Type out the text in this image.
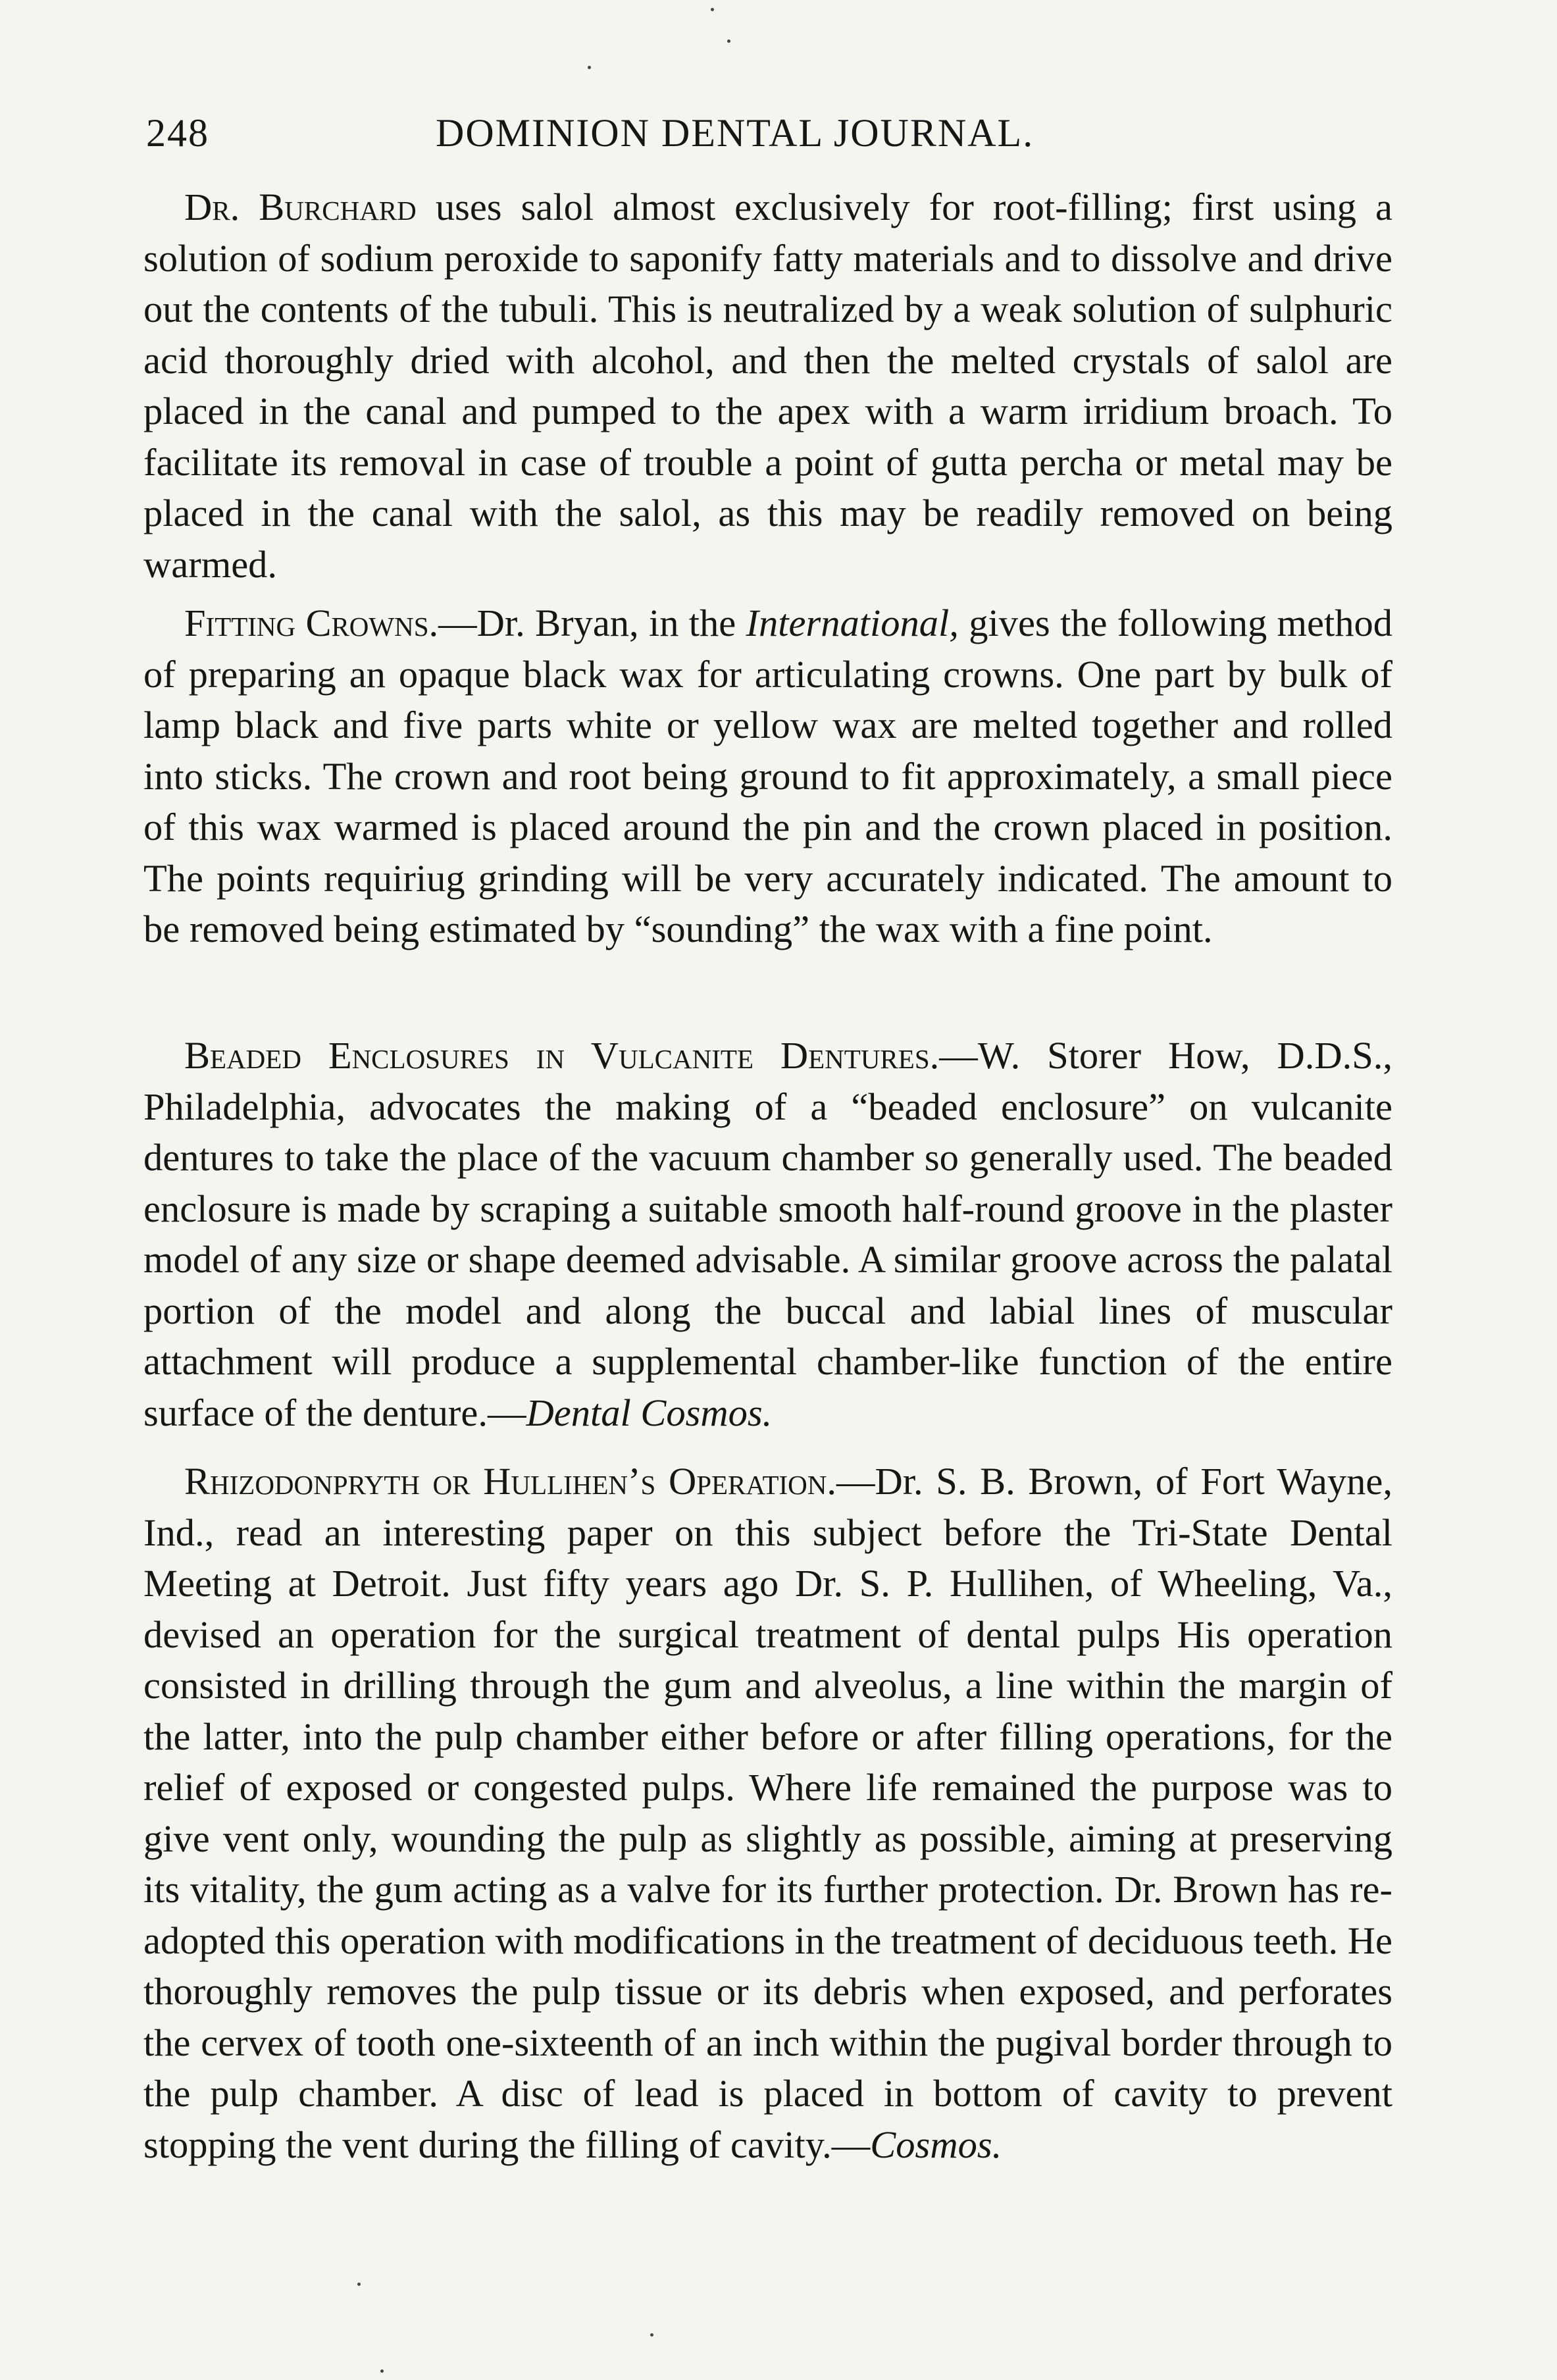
248	DOMINION DENTAL JOURNAL.

Dr. Burchard uses salol almost exclusively for root-filling; first using a solution of sodium peroxide to saponify fatty materials and to dissolve and drive out the contents of the tubuli. This is neutralized by a weak solution of sulphuric acid thoroughly dried with alcohol, and then the melted crystals of salol are placed in the canal and pumped to the apex with a warm irridium broach. To facilitate its removal in case of trouble a point of gutta percha or metal may be placed in the canal with the salol, as this may be readily removed on being warmed.

Fitting Crowns.—Dr. Bryan, in the International, gives the following method of preparing an opaque black wax for articulating crowns. One part by bulk of lamp black and five parts white or yellow wax are melted together and rolled into sticks. The crown and root being ground to fit approximately, a small piece of this wax warmed is placed around the pin and the crown placed in position. The points requiriug grinding will be very accurately indicated. The amount to be removed being estimated by “sounding” the wax with a fine point.

Beaded Enclosures in Vulcanite Dentures.—W. Storer How, D.D.S., Philadelphia, advocates the making of a “beaded enclosure” on vulcanite dentures to take the place of the vacuum chamber so generally used. The beaded enclosure is made by scraping a suitable smooth half-round groove in the plaster model of any size or shape deemed advisable. A similar groove across the palatal portion of the model and along the buccal and labial lines of muscular attachment will produce a supplemental chamber-like function of the entire surface of the denture.—Dental Cosmos.

Rhizodonpryth or Hullihen’s Operation.—Dr. S. B. Brown, of Fort Wayne, Ind., read an interesting paper on this subject before the Tri-State Dental Meeting at Detroit. Just fifty years ago Dr. S. P. Hullihen, of Wheeling, Va., devised an operation for the surgical treatment of dental pulps His operation consisted in drilling through the gum and alveolus, a line within the margin of the latter, into the pulp chamber either before or after filling operations, for the relief of exposed or congested pulps. Where life remained the purpose was to give vent only, wounding the pulp as slightly as possible, aiming at preserving its vitality, the gum acting as a valve for its further protection. Dr. Brown has re-adopted this operation with modifications in the treatment of deciduous teeth. He thoroughly removes the pulp tissue or its debris when exposed, and perforates the cervex of tooth one-sixteenth of an inch within the pugival border through to the pulp chamber. A disc of lead is placed in bottom of cavity to prevent stopping the vent during the filling of cavity.—Cosmos.
